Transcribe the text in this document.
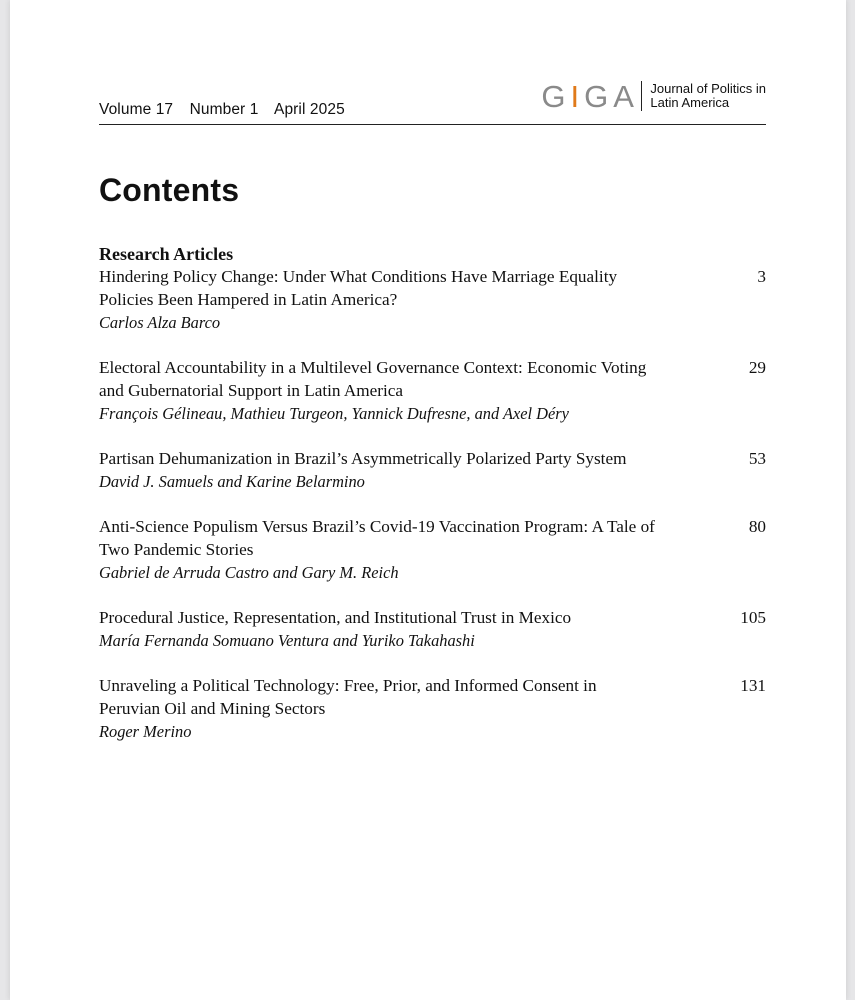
Volume 17 Number 1 April 2025	GIGA Journal of Politics in
Latin America
Contents
Research Articles
Hindering Policy Change: Under What Conditions Have Marriage Equality Policies Been Hampered in Latin America?
Carlos Alza Barco
3
Electoral Accountability in a Multilevel Governance Context: Economic Voting and Gubernatorial Support in Latin America
François Gélineau, Mathieu Turgeon, Yannick Dufresne, and Axel Déry
29
Partisan Dehumanization in Brazil’s Asymmetrically Polarized Party System
David J. Samuels and Karine Belarmino
53
Anti-Science Populism Versus Brazil’s Covid-19 Vaccination Program: A Tale of Two Pandemic Stories
Gabriel de Arruda Castro and Gary M. Reich
80
Procedural Justice, Representation, and Institutional Trust in Mexico
María Fernanda Somuano Ventura and Yuriko Takahashi
105
Unraveling a Political Technology: Free, Prior, and Informed Consent in Peruvian Oil and Mining Sectors
Roger Merino
131
